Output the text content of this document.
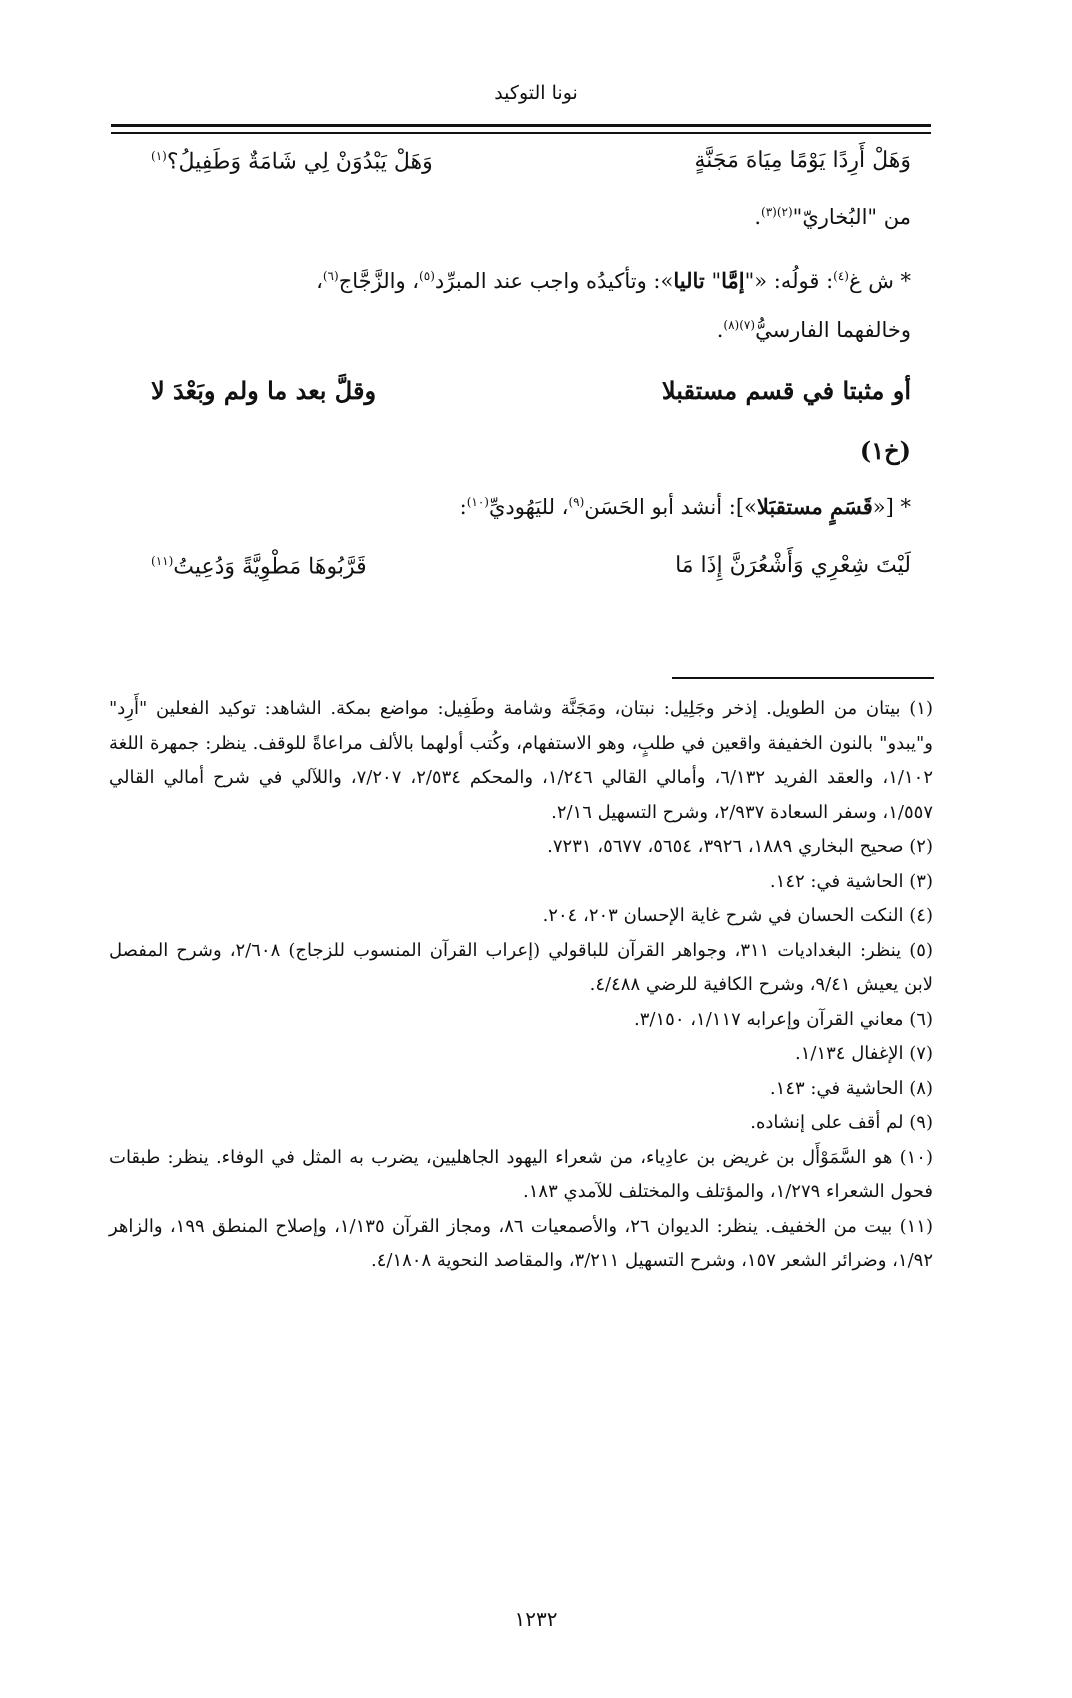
نونا التوكيد
وَهَلْ أَرِدًا يَوْمًا مِيَاهَ مَجَنَّةٍ
وَهَلْ يَبْدُوَنْ لِي شَامَةٌ وَطَفِيلُ؟$^{(١)}$
من "البُخاريّ"$^{(٢)(٣)}$.
* ش غ$^{(٤)}$: قولُه: «"إمَّا" تاليا»: وتأكيدُه واجب عند المبرِّد$^{(٥)}$، والزَّجَّاج$^{(٦)}$،
وخالفهما الفارسيُّ$^{(٧)(٨)}$.
أو مثبتا في قسم مستقبلا
وقلَّ بعد ما ولم وبَعْدَ لا
(خ١)
* [«قَسَمٍ مستقبَلا»]: أنشد أبو الحَسَن$^{(٩)}$، لليَهُوديِّ$^{(١٠)}$:
لَيْتَ شِعْرِي وَأَشْعُرَنَّ إِذَا مَا
قَرَّبُوهَا مَطْوِيَّةً وَدُعِيتُ$^{(١١)}$

(١) بيتان من الطويل. إذخر وجَلِيل: نبتان، ومَجَنَّة وشامة وطَفِيل: مواضع بمكة. الشاهد: توكيد الفعلين "أَرِد" و"يبدو" بالنون الخفيفة واقعين في طلبٍ، وهو الاستفهام، وكُتب أولهما بالألف مراعاةً للوقف. ينظر: جمهرة اللغة ١/١٠٢، والعقد الفريد ٦/١٣٢، وأمالي القالي ١/٢٤٦، والمحكم ٢/٥٣٤، ٧/٢٠٧، واللآلي في شرح أمالي القالي ١/٥٥٧، وسفر السعادة ٢/٩٣٧، وشرح التسهيل ٢/١٦.

(٢) صحيح البخاري ١٨٨٩، ٣٩٢٦، ٥٦٥٤، ٥٦٧٧، ٧٢٣١.

(٣) الحاشية في: ١٤٢.

(٤) النكت الحسان في شرح غاية الإحسان ٢٠٣، ٢٠٤.

(٥) ينظر: البغداديات ٣١١، وجواهر القرآن للباقولي (إعراب القرآن المنسوب للزجاج) ٢/٦٠٨، وشرح المفصل لابن يعيش ٩/٤١، وشرح الكافية للرضي ٤/٤٨٨.

(٦) معاني القرآن وإعرابه ١/١١٧، ٣/١٥٠.

(٧) الإغفال ١/١٣٤.

(٨) الحاشية في: ١٤٣.

(٩) لم أقف على إنشاده.

(١٠) هو السَّمَوْأَل بن غريض بن عادِياء، من شعراء اليهود الجاهليين، يضرب به المثل في الوفاء. ينظر: طبقات فحول الشعراء ١/٢٧٩، والمؤتلف والمختلف للآمدي ١٨٣.

(١١) بيت من الخفيف. ينظر: الديوان ٢٦، والأصمعيات ٨٦، ومجاز القرآن ١/١٣٥، وإصلاح المنطق ١٩٩، والزاهر ١/٩٢، وضرائر الشعر ١٥٧، وشرح التسهيل ٣/٢١١، والمقاصد النحوية ٤/١٨٠٨.

١٢٣٢
